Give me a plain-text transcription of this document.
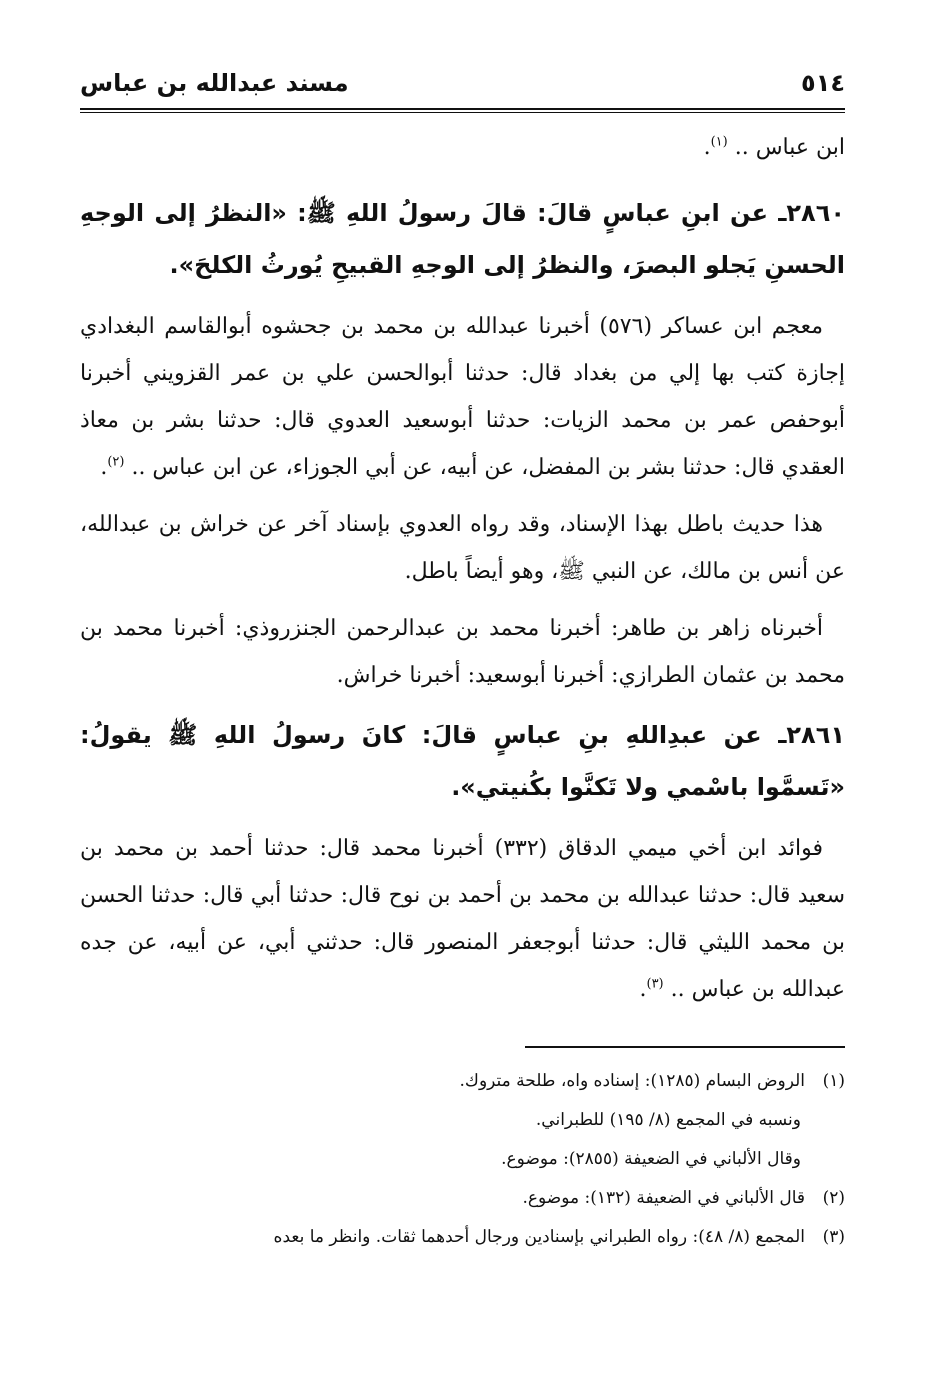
٥١٤
مسند عبدالله بن عباس

ابن عباس .. $^{(١)}$.

٢٨٦٠ـ عن ابنِ عباسٍ قالَ: قالَ رسولُ اللهِ ﷺ: «النظرُ إلى الوجهِ الحسنِ يَجلو البصرَ، والنظرُ إلى الوجهِ القبيحِ يُورثُ الكلحَ».

معجم ابن عساكر (٥٧٦) أخبرنا عبدالله بن محمد بن جحشوه أبوالقاسم البغدادي إجازة كتب بها إلي من بغداد قال: حدثنا أبوالحسن علي بن عمر القزويني أخبرنا أبوحفص عمر بن محمد الزيات: حدثنا أبوسعيد العدوي قال: حدثنا بشر بن معاذ العقدي قال: حدثنا بشر بن المفضل، عن أبيه، عن أبي الجوزاء، عن ابن عباس .. $^{(٢)}$.

هذا حديث باطل بهذا الإسناد، وقد رواه العدوي بإسناد آخر عن خراش بن عبدالله، عن أنس بن مالك، عن النبي ﷺ، وهو أيضاً باطل.

أخبرناه زاهر بن طاهر: أخبرنا محمد بن عبدالرحمن الجنزروذي: أخبرنا محمد بن محمد بن عثمان الطرازي: أخبرنا أبوسعيد: أخبرنا خراش.

٢٨٦١ـ عن عبدِاللهِ بنِ عباسٍ قالَ: كانَ رسولُ اللهِ ﷺ يقولُ: «تَسمَّوا باسْمي ولا تَكنَّوا بكُنيتي».

فوائد ابن أخي ميمي الدقاق (٣٣٢) أخبرنا محمد قال: حدثنا أحمد بن محمد بن سعيد قال: حدثنا عبدالله بن محمد بن أحمد بن نوح قال: حدثنا أبي قال: حدثنا الحسن بن محمد الليثي قال: حدثنا أبوجعفر المنصور قال: حدثني أبي، عن أبيه، عن جده عبدالله بن عباس .. $^{(٣)}$.

(١)الروض البسام (١٢٨٥): إسناده واه، طلحة متروك.
ونسبه في المجمع (٨/ ١٩٥) للطبراني.
وقال الألباني في الضعيفة (٢٨٥٥): موضوع.
(٢)قال الألباني في الضعيفة (١٣٢): موضوع.
(٣)المجمع (٨/ ٤٨): رواه الطبراني بإسنادين ورجال أحدهما ثقات. وانظر ما بعده
